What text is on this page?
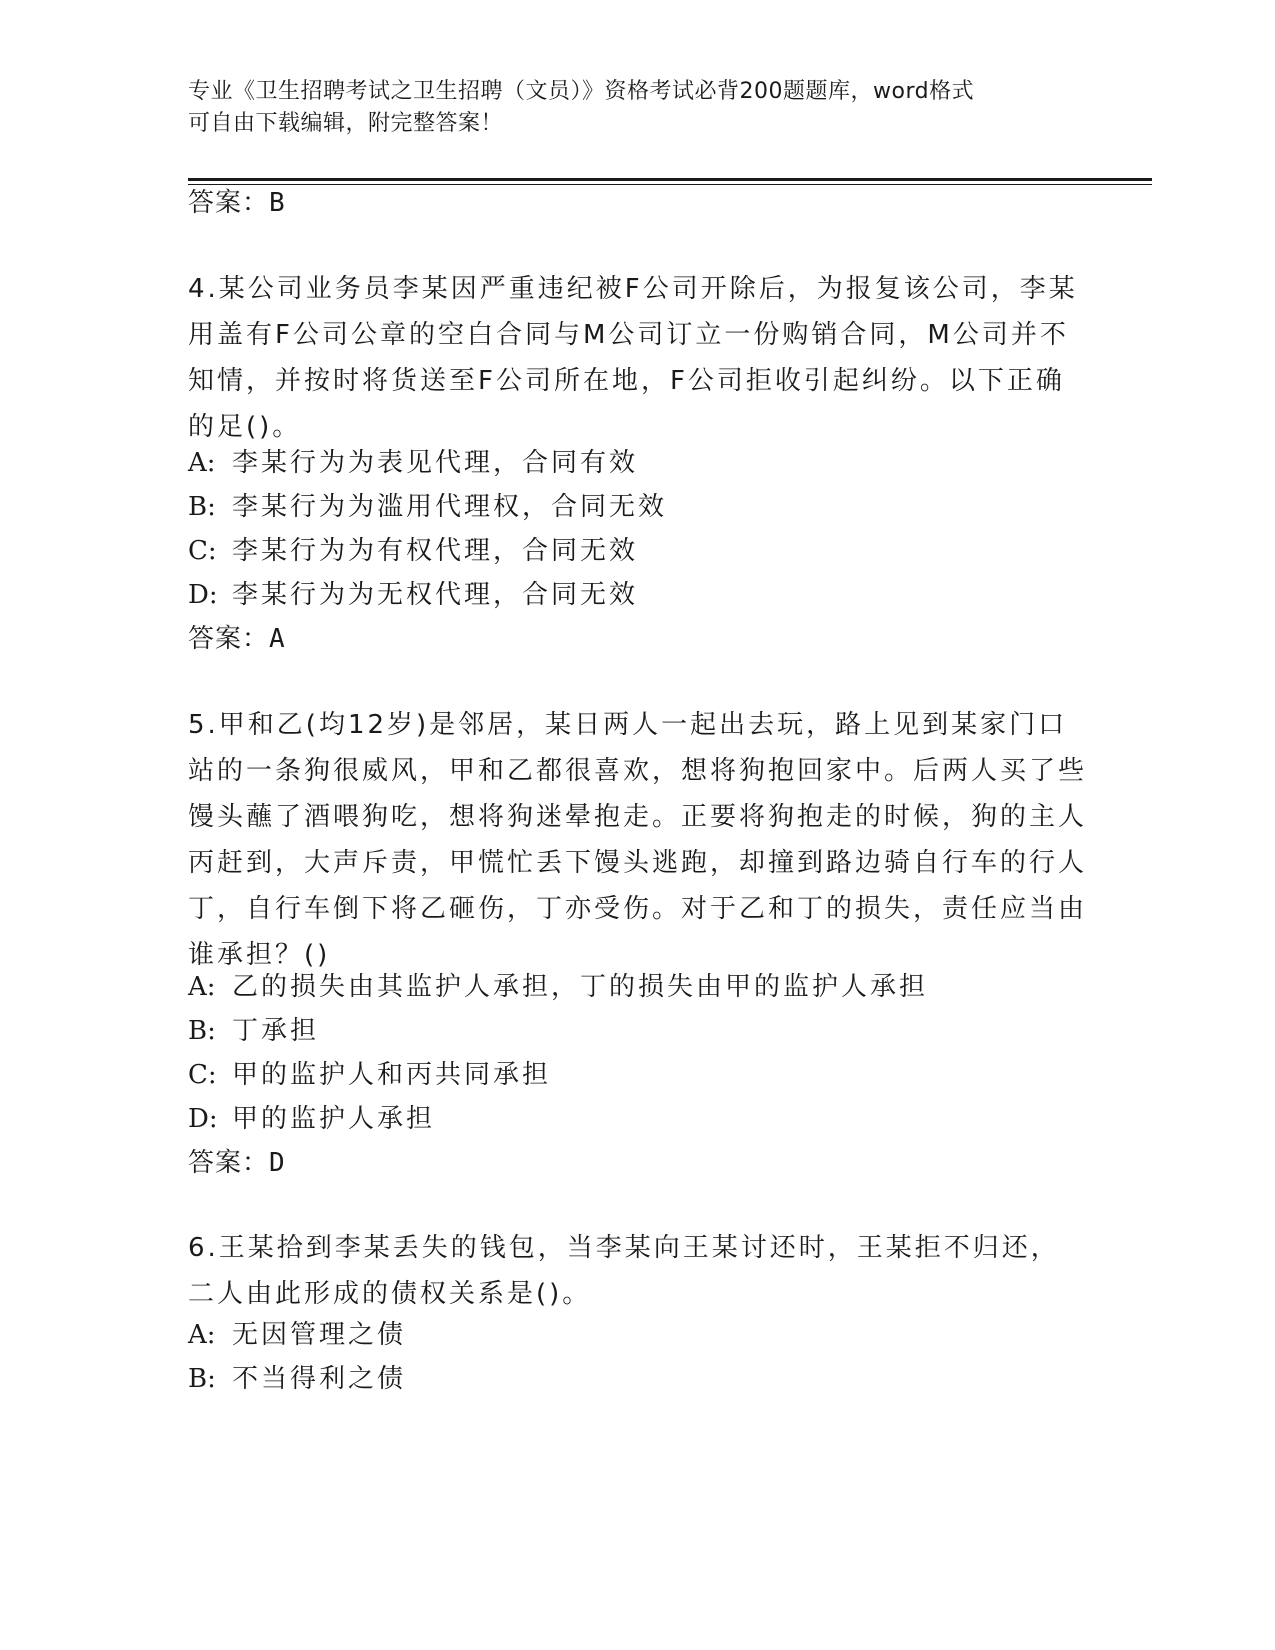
专业《卫生招聘考试之卫生招聘（文员）》资格考试必背200题题库，word格式
可自由下载编辑，附完整答案！
答案：B
4.某公司业务员李某因严重违纪被F公司开除后，为报复该公司，李某用盖有F公司公章的空白合同与M公司订立一份购销合同，M公司并不知情，并按时将货送至F公司所在地，F公司拒收引起纠纷。以下正确的足()。
A: 李某行为为表见代理，合同有效
B: 李某行为为滥用代理权，合同无效
C: 李某行为为有权代理，合同无效
D: 李某行为为无权代理，合同无效
答案：A
5.甲和乙(均12岁)是邻居，某日两人一起出去玩，路上见到某家门口站的一条狗很威风，甲和乙都很喜欢，想将狗抱回家中。后两人买了些馒头蘸了酒喂狗吃，想将狗迷晕抱走。正要将狗抱走的时候，狗的主人丙赶到，大声斥责，甲慌忙丢下馒头逃跑，却撞到路边骑自行车的行人丁，自行车倒下将乙砸伤，丁亦受伤。对于乙和丁的损失，责任应当由谁承担？()
A: 乙的损失由其监护人承担，丁的损失由甲的监护人承担
B: 丁承担
C: 甲的监护人和丙共同承担
D: 甲的监护人承担
答案：D
6.王某拾到李某丢失的钱包，当李某向王某讨还时，王某拒不归还，二人由此形成的债权关系是()。
A: 无因管理之债
B: 不当得利之债
